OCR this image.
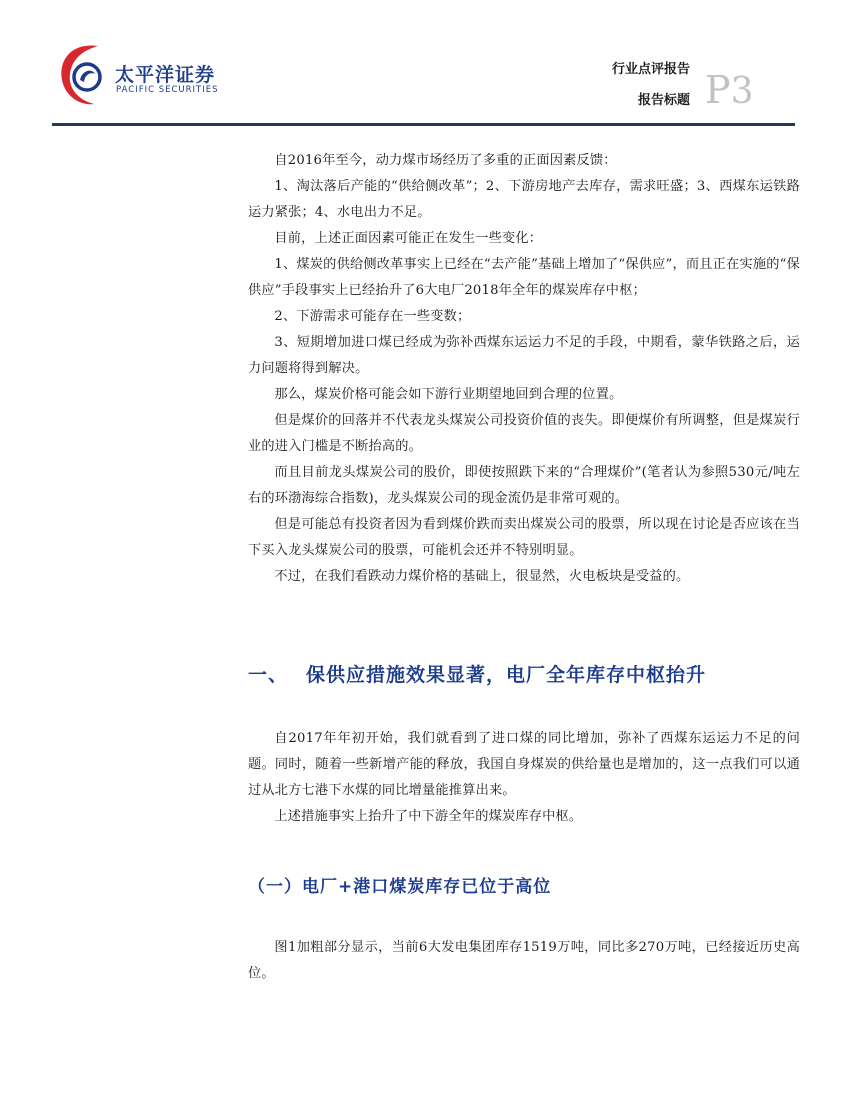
太平洋证券
PACIFIC SECURITIES
行业点评报告
报告标题 P3

自2016年至今，动力煤市场经历了多重的正面因素反馈：

1、淘汰落后产能的“供给侧改革”；2、下游房地产去库存，需求旺盛；3、西煤东运铁路运力紧张；4、水电出力不足。

目前，上述正面因素可能正在发生一些变化：

1、煤炭的供给侧改革事实上已经在“去产能”基础上增加了“保供应”，而且正在实施的“保供应”手段事实上已经抬升了6大电厂2018年全年的煤炭库存中枢；

2、下游需求可能存在一些变数；

3、短期增加进口煤已经成为弥补西煤东运运力不足的手段，中期看，蒙华铁路之后，运力问题将得到解决。

那么，煤炭价格可能会如下游行业期望地回到合理的位置。

但是煤价的回落并不代表龙头煤炭公司投资价值的丧失。即便煤价有所调整，但是煤炭行业的进入门槛是不断抬高的。

而且目前龙头煤炭公司的股价，即使按照跌下来的“合理煤价”(笔者认为参照530元/吨左右的环渤海综合指数)，龙头煤炭公司的现金流仍是非常可观的。

但是可能总有投资者因为看到煤价跌而卖出煤炭公司的股票，所以现在讨论是否应该在当下买入龙头煤炭公司的股票，可能机会还并不特别明显。

不过，在我们看跌动力煤价格的基础上，很显然，火电板块是受益的。

一、 保供应措施效果显著，电厂全年库存中枢抬升

自2017年年初开始，我们就看到了进口煤的同比增加，弥补了西煤东运运力不足的问题。同时，随着一些新增产能的释放，我国自身煤炭的供给量也是增加的，这一点我们可以通过从北方七港下水煤的同比增量能推算出来。

上述措施事实上抬升了中下游全年的煤炭库存中枢。

（一）电厂+港口煤炭库存已位于高位

图1加粗部分显示，当前6大发电集团库存1519万吨，同比多270万吨，已经接近历史高位。
